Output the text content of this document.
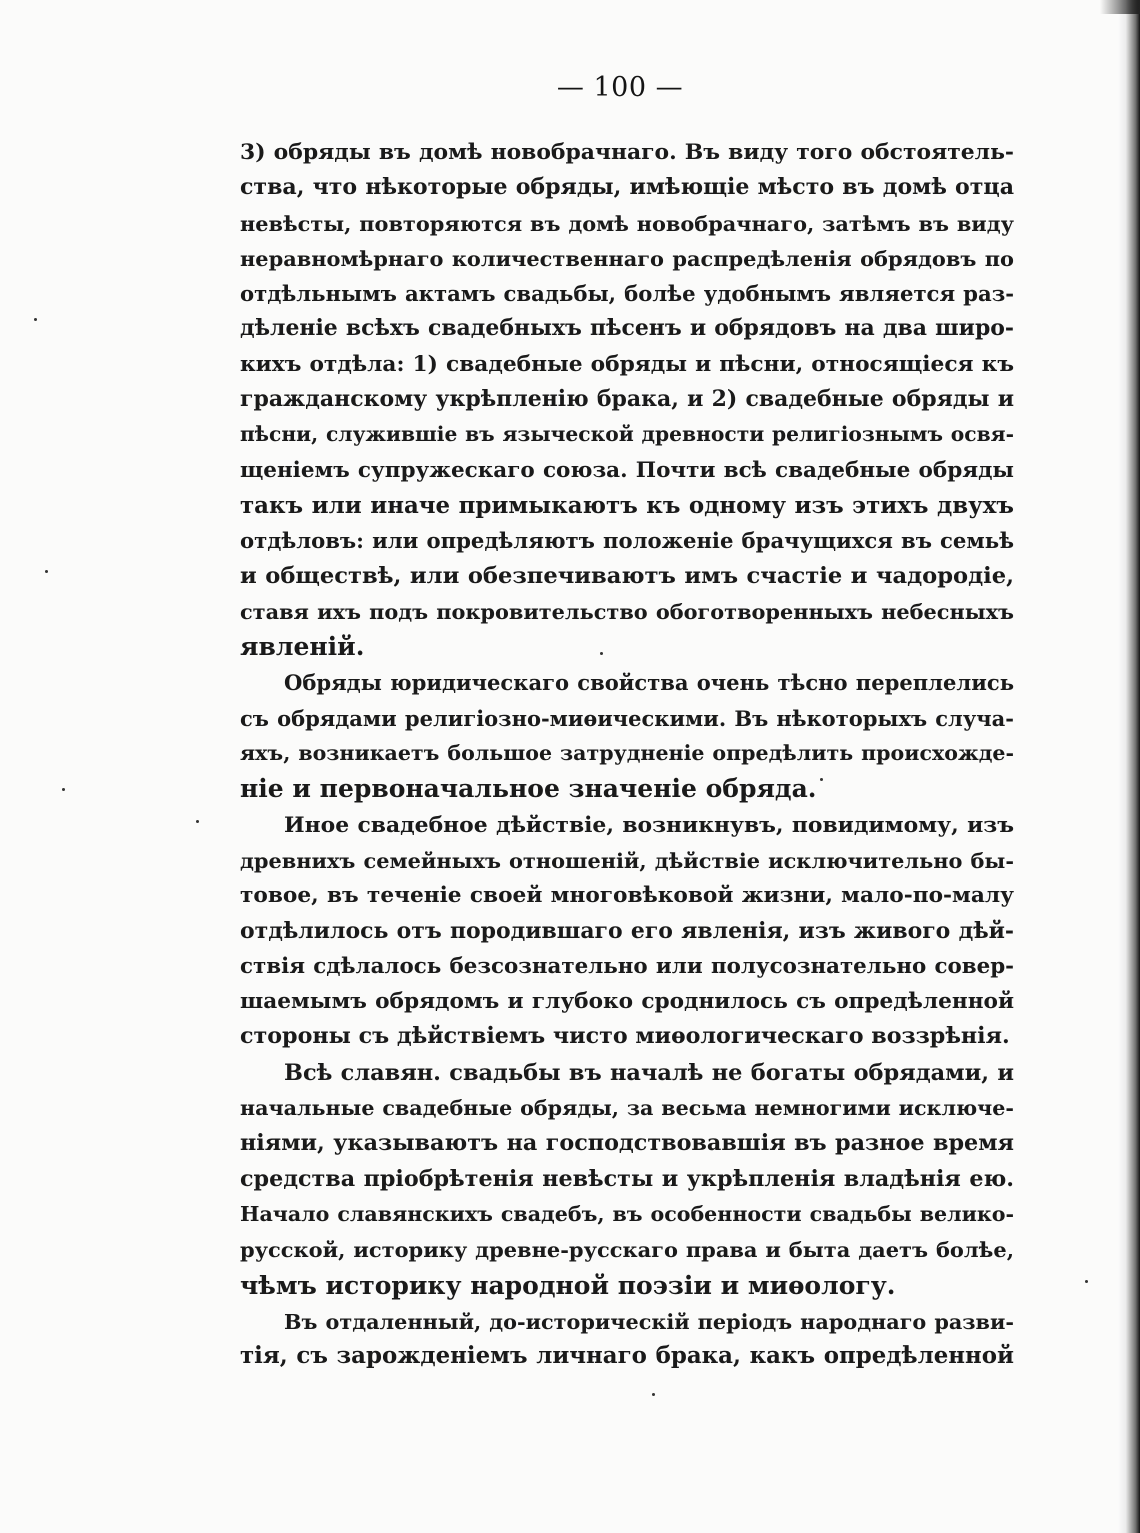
— 100 —
3) обряды въ домѣ новобрачнаго. Въ виду того обстоятель-
ства, что нѣкоторые обряды, имѣющіе мѣсто въ домѣ отца
невѣсты, повторяются въ домѣ новобрачнаго, затѣмъ въ виду
неравномѣрнаго количественнаго распредѣленія обрядовъ по
отдѣльнымъ актамъ свадьбы, болѣе удобнымъ является раз-
дѣленіе всѣхъ свадебныхъ пѣсенъ и обрядовъ на два широ-
кихъ отдѣла: 1) свадебные обряды и пѣсни, относящіеся къ
гражданскому укрѣпленію брака, и 2) свадебные обряды и
пѣсни, служившіе въ языческой древности религіознымъ освя-
щеніемъ супружескаго союза. Почти всѣ свадебные обряды
такъ или иначе примыкаютъ къ одному изъ этихъ двухъ
отдѣловъ: или опредѣляютъ положеніе брачущихся въ семьѣ
и обществѣ, или обезпечиваютъ имъ счастіе и чадородіе,
ставя ихъ подъ покровительство обоготворенныхъ небесныхъ
явленій.
Обряды юридическаго свойства очень тѣсно переплелись
съ обрядами религіозно-миѳическими. Въ нѣкоторыхъ случа-
яхъ, возникаетъ большое затрудненіе опредѣлить происхожде-
ніе и первоначальное значеніе обряда.
Иное свадебное дѣйствіе, возникнувъ, повидимому, изъ
древнихъ семейныхъ отношеній, дѣйствіе исключительно бы-
товое, въ теченіе своей многовѣковой жизни, мало-по-малу
отдѣлилось отъ породившаго его явленія, изъ живого дѣй-
ствія сдѣлалось безсознательно или полусознательно совер-
шаемымъ обрядомъ и глубоко сроднилось съ опредѣленной
стороны съ дѣйствіемъ чисто миѳологическаго воззрѣнія.
Всѣ славян. свадьбы въ началѣ не богаты обрядами, и
начальные свадебные обряды, за весьма немногими исключе-
ніями, указываютъ на господствовавшія въ разное время
средства пріобрѣтенія невѣсты и укрѣпленія владѣнія ею.
Начало славянскихъ свадебъ, въ особенности свадьбы велико-
русской, историку древне-русскаго права и быта даетъ болѣе,
чѣмъ историку народной поэзіи и миѳологу.
Въ отдаленный, до-историческій періодъ народнаго разви-
тія, съ зарожденіемъ личнаго брака, какъ опредѣленной
